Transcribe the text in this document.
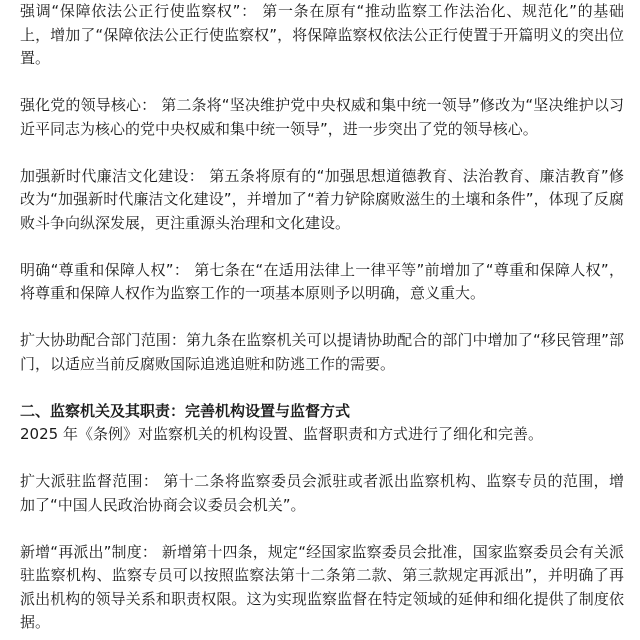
强调“保障依法公正行使监察权”： 第一条在原有“推动监察工作法治化、规范化”的基础上，增加了“保障依法公正行使监察权”，将保障监察权依法公正行使置于开篇明义的突出位置。

强化党的领导核心： 第二条将“坚决维护党中央权威和集中统一领导”修改为“坚决维护以习近平同志为核心的党中央权威和集中统一领导”，进一步突出了党的领导核心。

加强新时代廉洁文化建设： 第五条将原有的“加强思想道德教育、法治教育、廉洁教育”修改为“加强新时代廉洁文化建设”，并增加了“着力铲除腐败滋生的土壤和条件”，体现了反腐败斗争向纵深发展，更注重源头治理和文化建设。

明确“尊重和保障人权”： 第七条在“在适用法律上一律平等”前增加了“尊重和保障人权”，将尊重和保障人权作为监察工作的一项基本原则予以明确，意义重大。

扩大协助配合部门范围：第九条在监察机关可以提请协助配合的部门中增加了“移民管理”部门，以适应当前反腐败国际追逃追赃和防逃工作的需要。

二、监察机关及其职责：完善机构设置与监督方式

2025 年《条例》对监察机关的机构设置、监督职责和方式进行了细化和完善。

扩大派驻监督范围： 第十二条将监察委员会派驻或者派出监察机构、监察专员的范围，增加了“中国人民政治协商会议委员会机关”。

新增“再派出”制度： 新增第十四条，规定“经国家监察委员会批准，国家监察委员会有关派驻监察机构、监察专员可以按照监察法第十二条第二款、第三款规定再派出”，并明确了再派出机构的领导关系和职责权限。这为实现监察监督在特定领域的延伸和细化提供了制度依据。
